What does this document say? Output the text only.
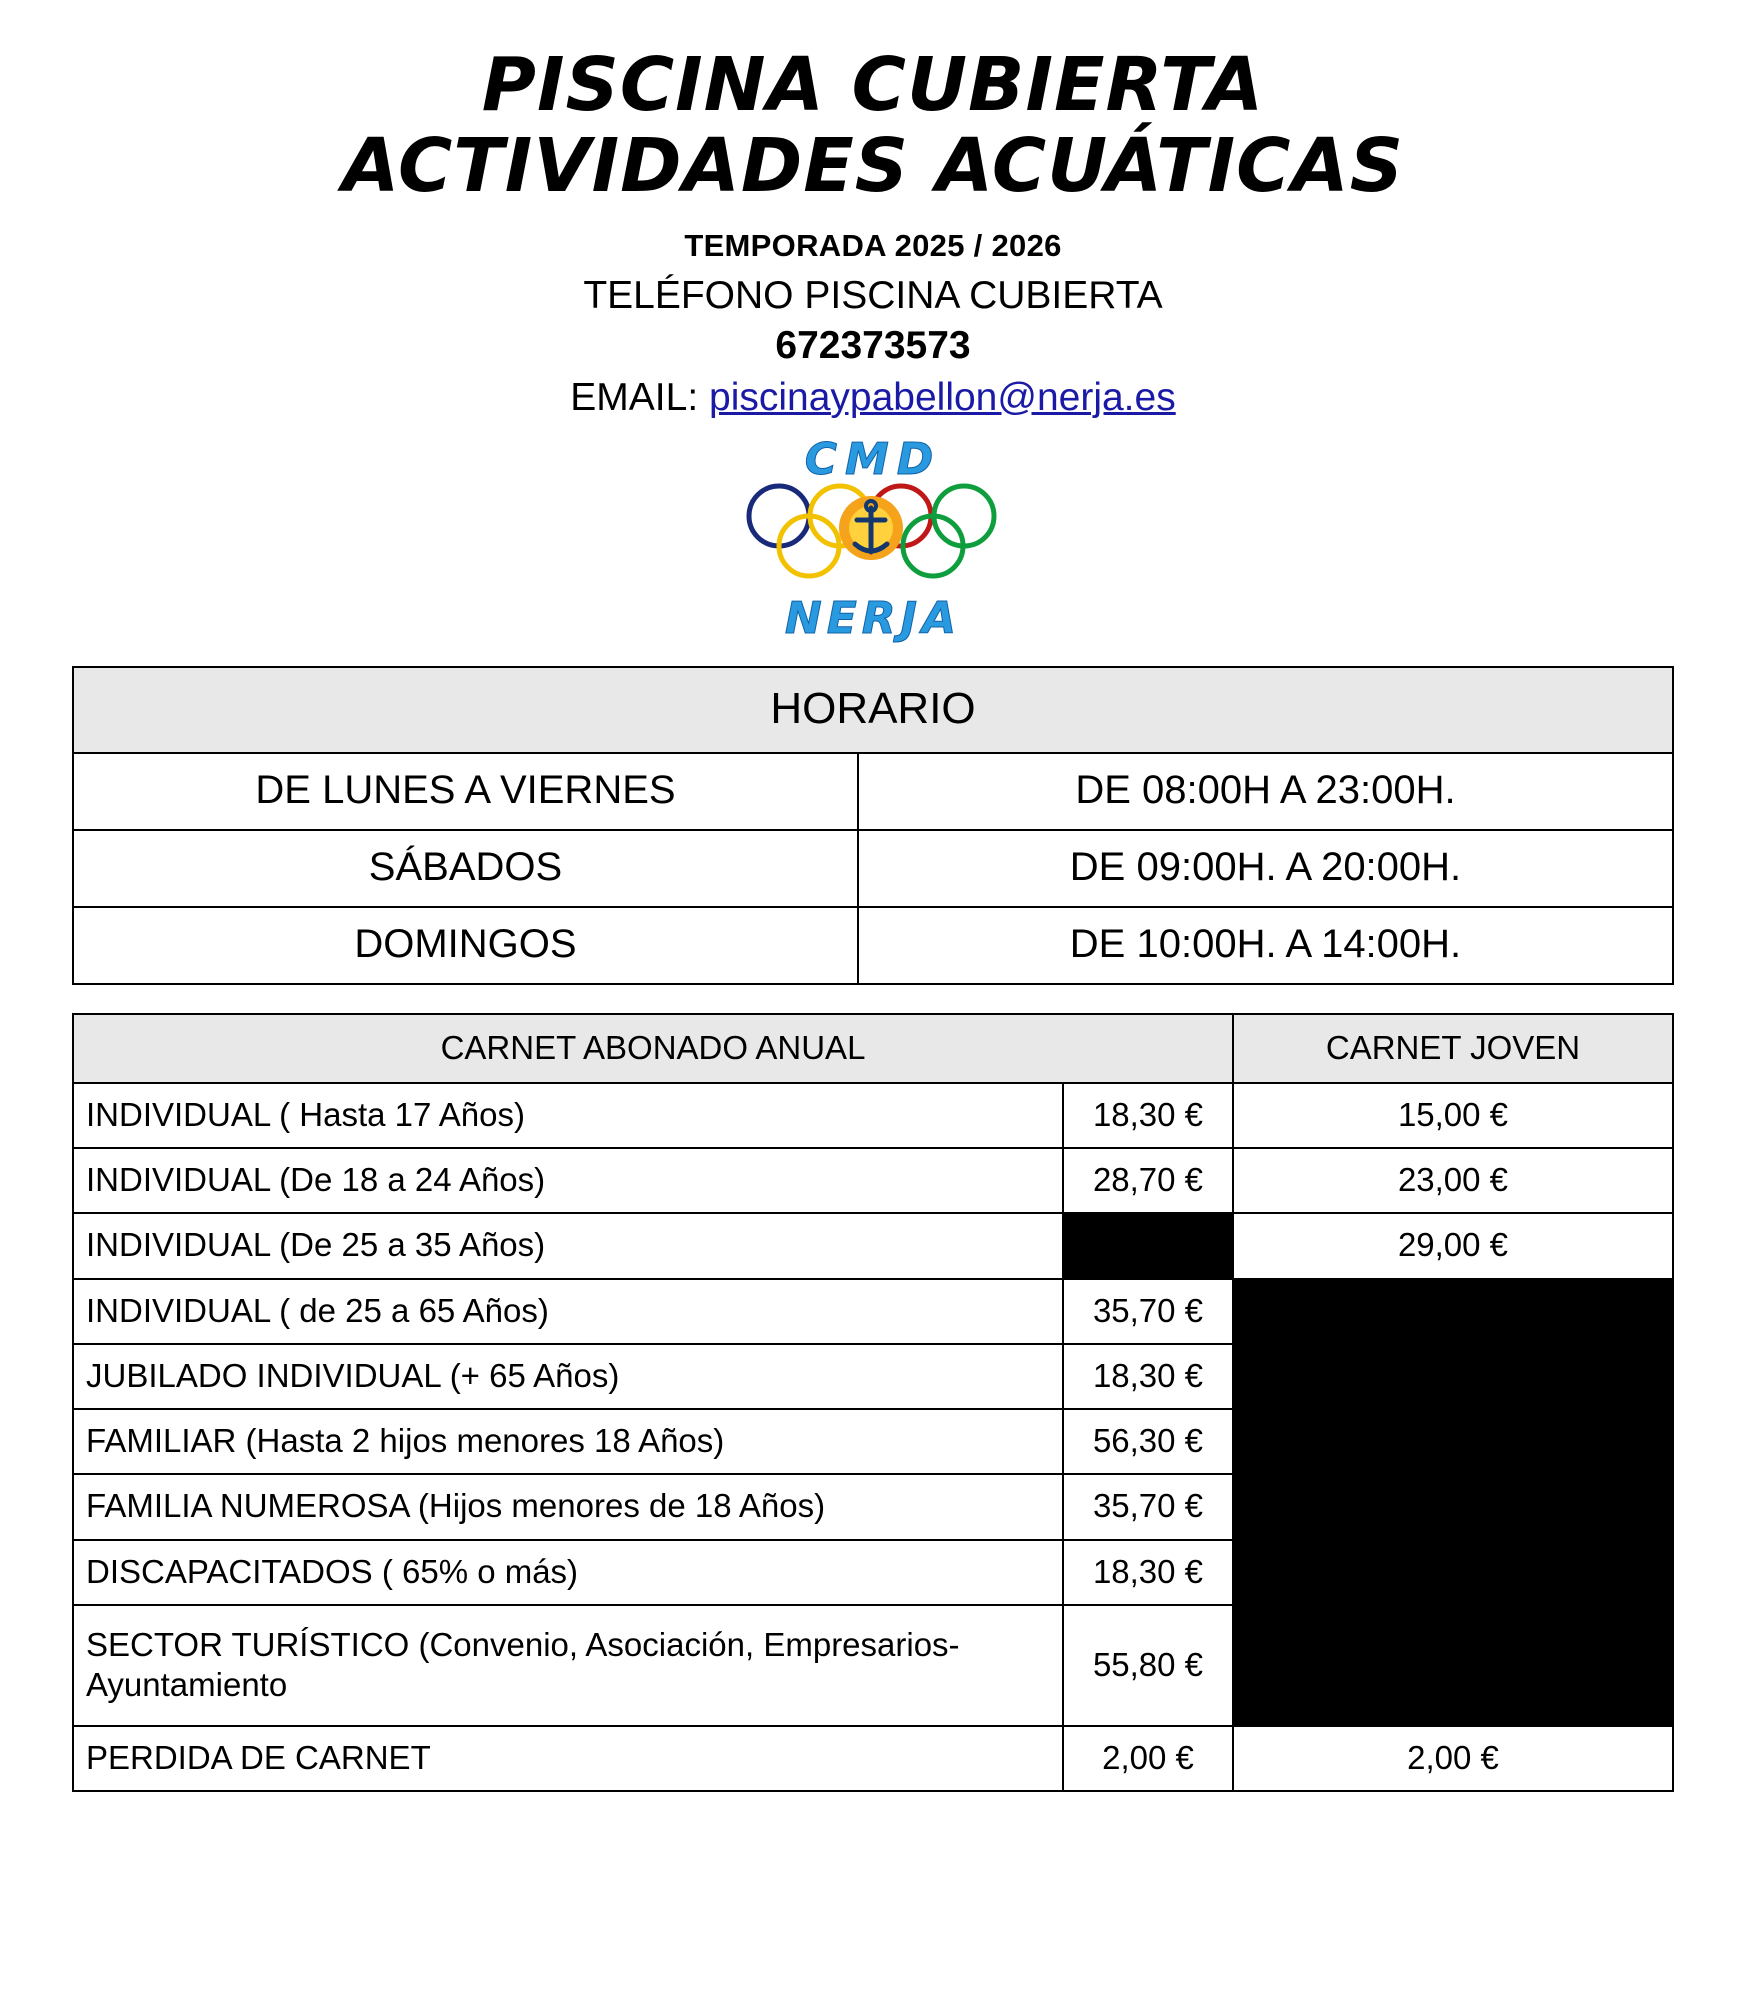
PISCINA CUBIERTA
ACTIVIDADES ACUÁTICAS
TEMPORADA 2025 / 2026
TELÉFONO PISCINA CUBIERTA
672373573
EMAIL: piscinaypabellon@nerja.es
CMD
NERJA
HORARIO	
DE LUNES A VIERNES	DE 08:00H A 23:00H.
SÁBADOS	DE 09:00H. A 20:00H.
DOMINGOS	DE 10:00H. A 14:00H.
CARNET ABONADO ANUAL		CARNET JOVEN
INDIVIDUAL ( Hasta 17 Años)	18,30 €	15,00 €
INDIVIDUAL (De 18 a 24 Años)	28,70 €	23,00 €
INDIVIDUAL (De 25 a 35 Años)		29,00 €
INDIVIDUAL ( de 25 a 65 Años)	35,70 €	
JUBILADO INDIVIDUAL (+ 65 Años)	18,30 €	
FAMILIAR (Hasta 2 hijos menores 18 Años)	56,30 €	
FAMILIA NUMEROSA (Hijos menores de 18 Años)	35,70 €	
DISCAPACITADOS ( 65% o más)	18,30 €	
SECTOR TURÍSTICO (Convenio, Asociación, Empresarios- Ayuntamiento	55,80 €	
PERDIDA DE CARNET	2,00 €	2,00 €
